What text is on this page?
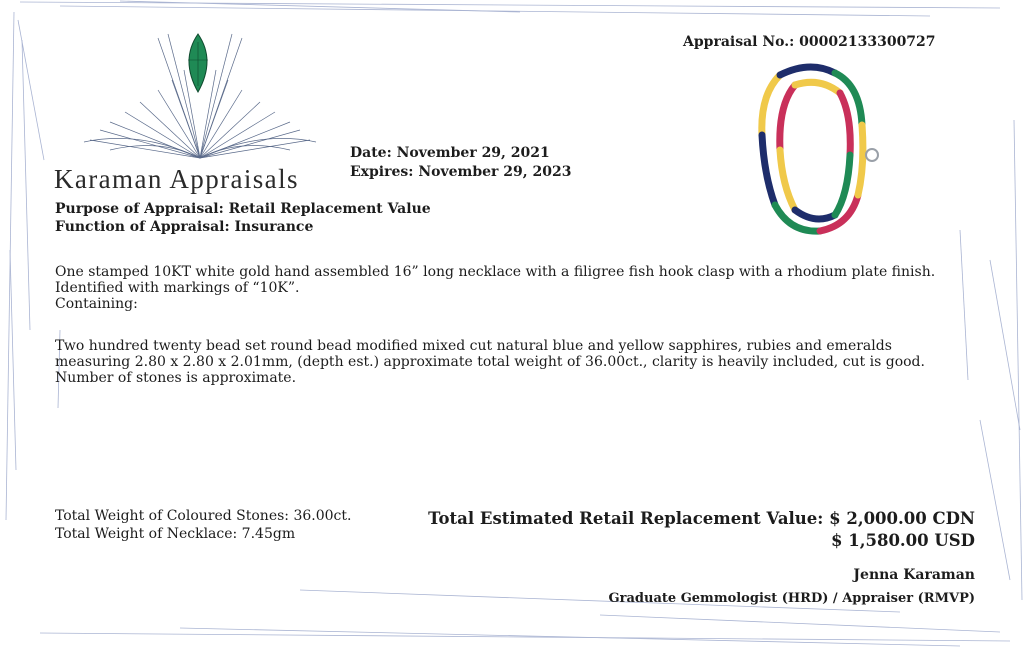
Karaman Appraisals
Appraisal No.: 00002133300727
Date: November 29, 2021
Expires: November 29, 2023
Purpose of Appraisal: Retail Replacement Value
Function of Appraisal: Insurance
One stamped 10KT white gold hand assembled 16” long necklace with a filigree fish hook clasp with a rhodium plate finish. Identified with markings of “10K”.
Containing:
Two hundred twenty bead set round bead modified mixed cut natural blue and yellow sapphires, rubies and emeralds measuring 2.80 x 2.80 x 2.01mm, (depth est.) approximate total weight of 36.00ct., clarity is heavily included, cut is good. Number of stones is approximate.
Total Weight of Coloured Stones: 36.00ct.
Total Weight of Necklace: 7.45gm
Total Estimated Retail Replacement Value: $ 2,000.00 CDN
$ 1,580.00 USD
Jenna Karaman
Graduate Gemmologist (HRD) / Appraiser (RMVP)
